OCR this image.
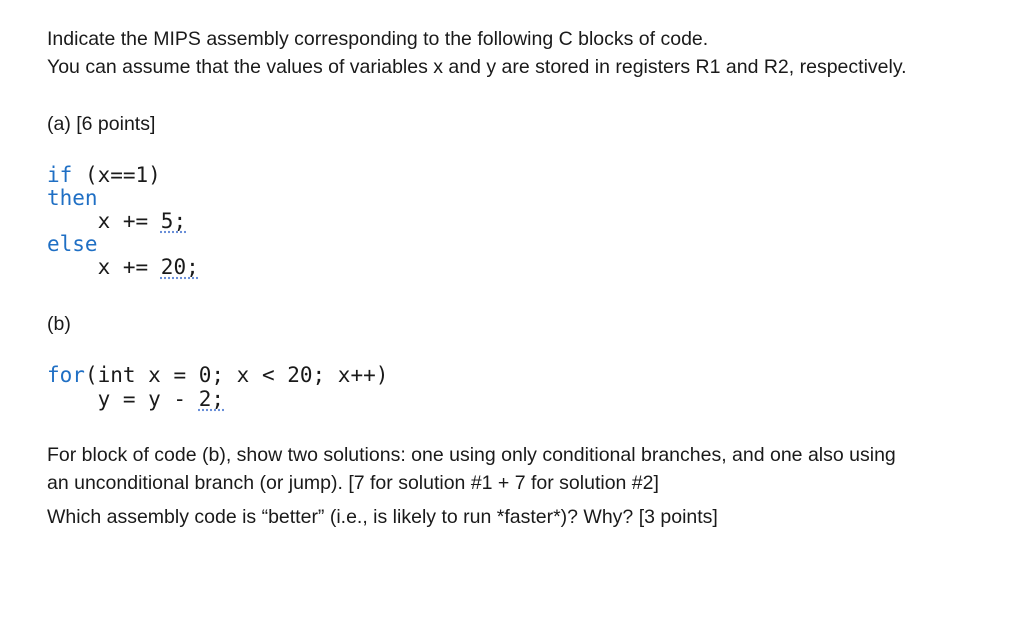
Indicate the MIPS assembly corresponding to the following C blocks of code.
You can assume that the values of variables x and y are stored in registers R1 and R2, respectively.
(a) [6 points]
if (x==1)
then
x += 5;
else
x += 20;
(b)
for(int x = 0; x < 20; x++)
y = y - 2;
For block of code (b), show two solutions: one using only conditional branches, and one also using
an unconditional branch (or jump). [7 for solution #1 + 7 for solution #2]
Which assembly code is “better” (i.e., is likely to run *faster*)? Why? [3 points]
